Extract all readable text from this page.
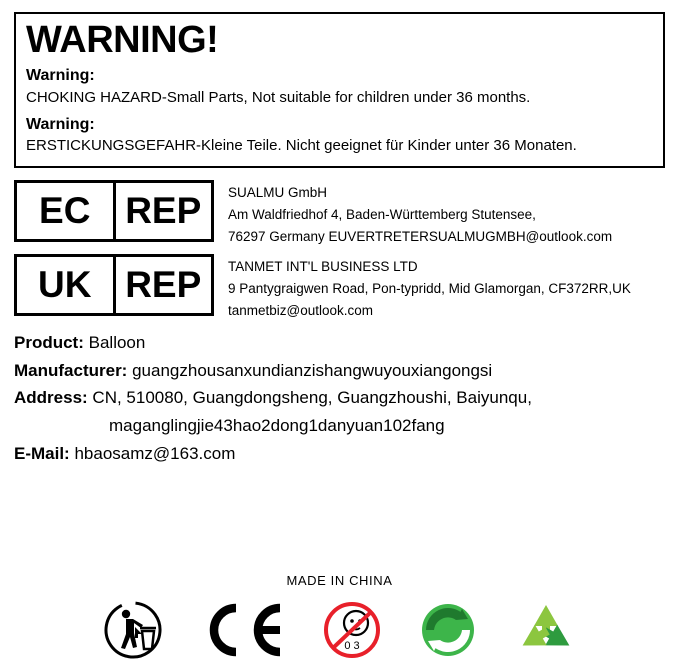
WARNING!
Warning:
CHOKING HAZARD-Small Parts, Not suitable for children under 36 months.
Warning:
ERSTICKUNGSGEFAHR-Kleine Teile. Nicht geeignet für Kinder unter 36 Monaten.
EC REP	SUALMU GmbH
Am Waldfriedhof 4, Baden-Württemberg Stutensee,
76297 Germany EUVERTRETERSUALMUGMBH@outlook.com
UK REP	TANMET INT'L BUSINESS LTD
9 Pantygraigwen Road, Pon-typridd, Mid Glamorgan, CF372RR,UK
tanmetbiz@outlook.com
Product: Balloon
Manufacturer: guangzhousanxundianzishangwuyouxiangongsi
Address: CN, 510080, Guangdongsheng, Guangzhoushi, Baiyunqu,
maganglingjie43hao2dong1danyuan102fang
E-Mail: hbaosamz@163.com
MADE IN CHINA
0 3
